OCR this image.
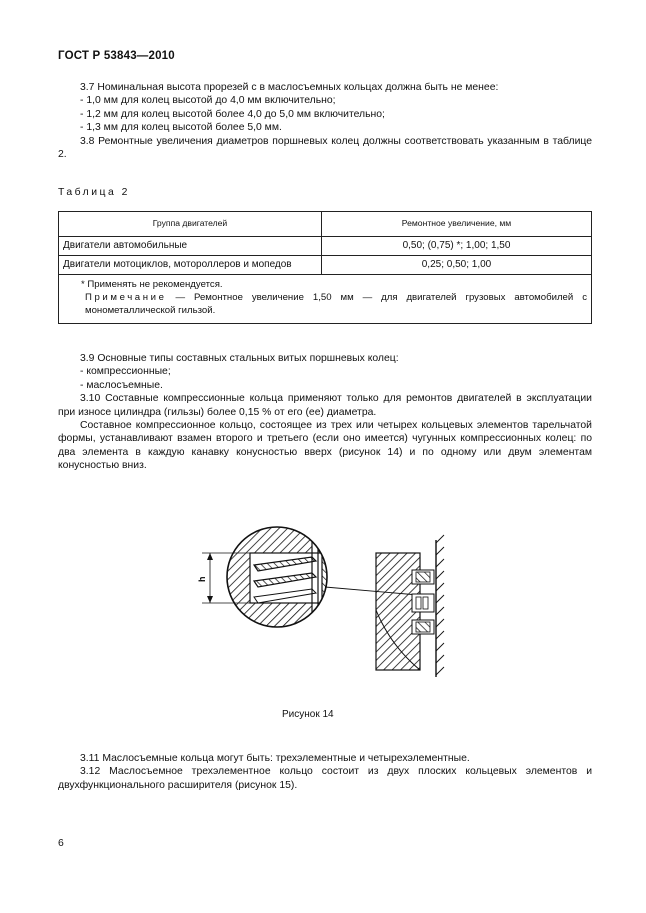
ГОСТ Р 53843—2010

3.7 Номинальная высота прорезей c в маслосъемных кольцах должна быть не менее:

- 1,0 мм для колец высотой до 4,0 мм включительно;

- 1,2 мм для колец высотой более 4,0 до 5,0 мм включительно;

- 1,3 мм для колец высотой более 5,0 мм.

3.8 Ремонтные увеличения диаметров поршневых колец должны соответствовать указанным в таблице 2.

Таблица 2
Группа двигателей	Ремонтное увеличение, мм
Двигатели автомобильные	0,50; (0,75) *; 1,00; 1,50
Двигатели мотоциклов, мотороллеров и мопедов	0,25; 0,50; 1,00

* Применять не рекомендуется.
Примечание — Ремонтное увеличение 1,50 мм — для двигателей грузовых автомобилей с монометаллической гильзой.	

3.9 Основные типы составных стальных витых поршневых колец:

- компрессионные;

- маслосъемные.

3.10 Составные компрессионные кольца применяют только для ремонтов двигателей в эксплуатации при износе цилиндра (гильзы) более 0,15 % от его (ее) диаметра.

Составное компрессионное кольцо, состоящее из трех или четырех кольцевых элементов тарельчатой формы, устанавливают взамен второго и третьего (если оно имеется) чугунных компрессионных колец: по два элемента в каждую канавку конусностью вверх (рисунок 14) и по одному или двум элементам конусностью вниз.

h
Рисунок 14

3.11 Маслосъемные кольца могут быть: трехэлементные и четырехэлементные.

3.12 Маслосъемное трехэлементное кольцо состоит из двух плоских кольцевых элементов и двухфункционального расширителя (рисунок 15).

6
